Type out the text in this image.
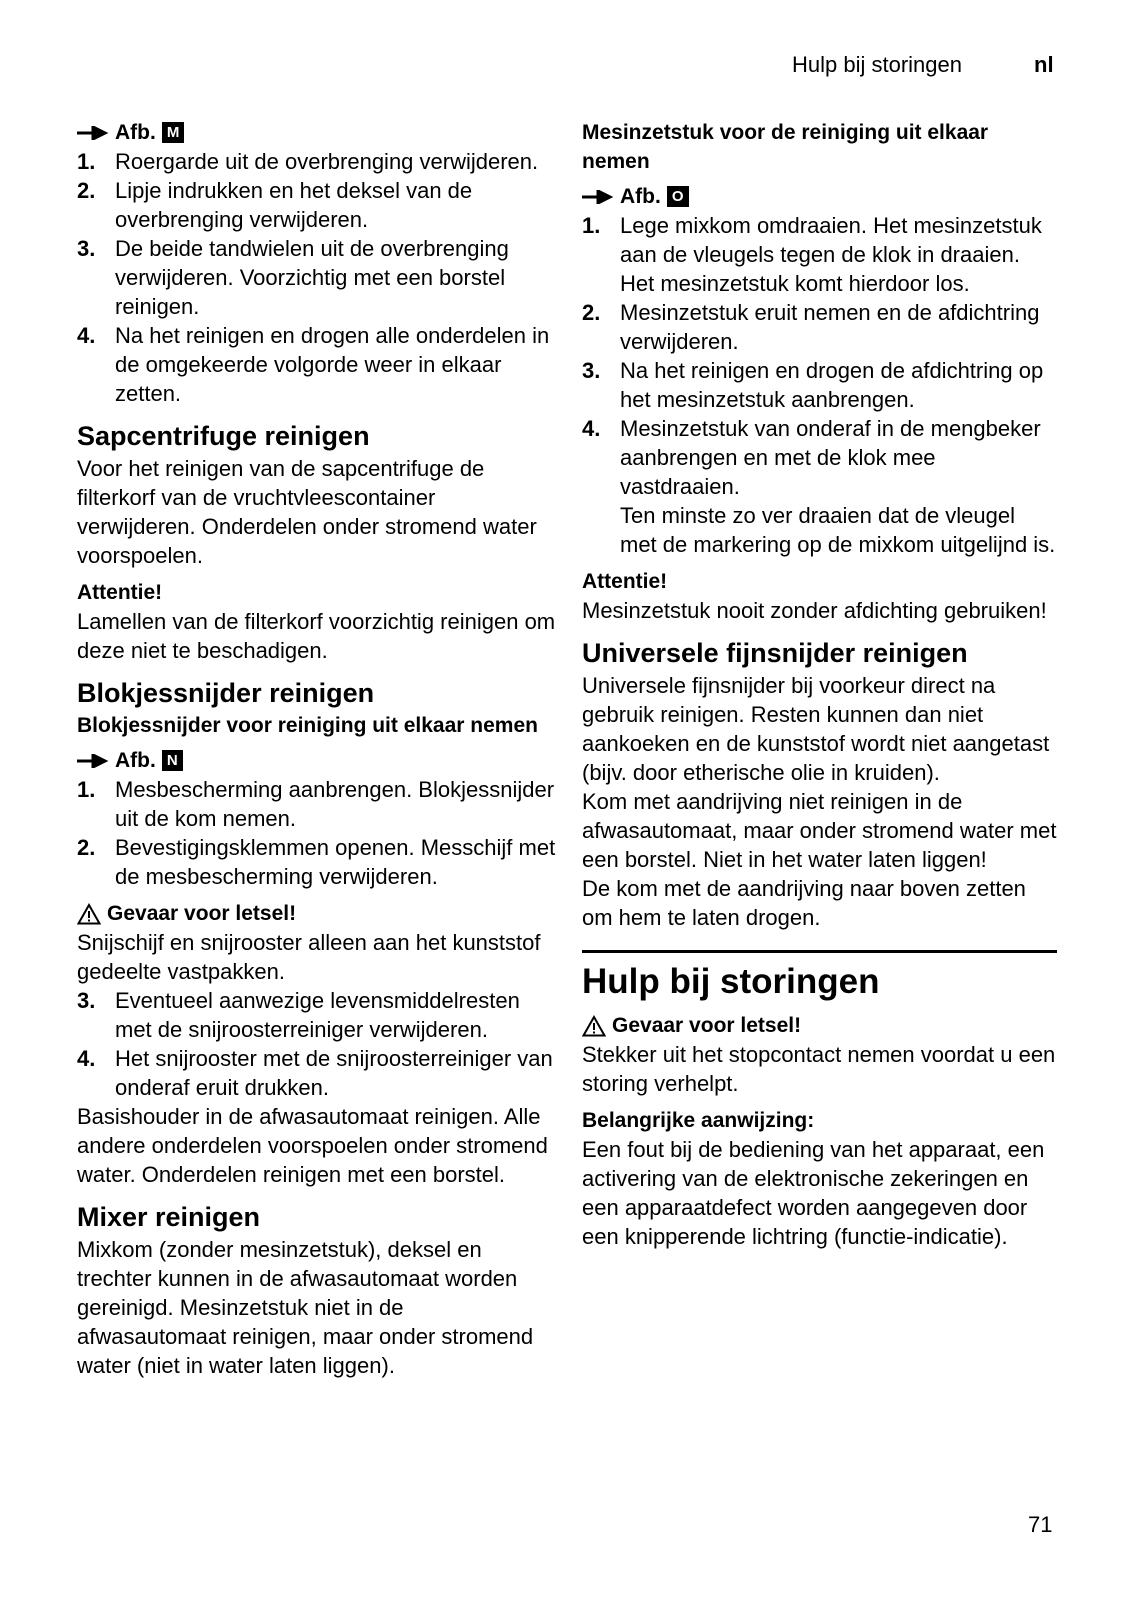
Hulp bij storingen	nl
Afb. M
1. Roergarde uit de overbrenging verwijderen.
2. Lipje indrukken en het deksel van de overbrenging verwijderen.
3. De beide tandwielen uit de overbrenging verwijderen. Voorzichtig met een borstel reinigen.
4. Na het reinigen en drogen alle onderdelen in de omgekeerde volgorde weer in elkaar zetten.
Sapcentrifuge reinigen

Voor het reinigen van de sapcentrifuge de filterkorf van de vruchtvleescontainer verwijderen. Onderdelen onder stromend water voorspoelen.

Attentie!

Lamellen van de filterkorf voorzichtig reinigen om deze niet te beschadigen.

Blokjessnijder reinigen

Blokjessnijder voor reiniging uit elkaar nemen

Afb. N
1. Mesbescherming aanbrengen. Blokjessnijder uit de kom nemen.
2. Bevestigingsklemmen openen. Messchijf met de mesbescherming verwijderen.
Gevaar voor letsel!

Snijschijf en snijrooster alleen aan het kunststof gedeelte vastpakken.

3. Eventueel aanwezige levensmiddelresten met de snijroosterreiniger verwijderen.
4. Het snijrooster met de snijroosterreiniger van onderaf eruit drukken.

Basishouder in de afwasautomaat reinigen. Alle andere onderdelen voorspoelen onder stromend water. Onderdelen reinigen met een borstel.

Mixer reinigen

Mixkom (zonder mesinzetstuk), deksel en trechter kunnen in de afwasautomaat worden gereinigd. Mesinzetstuk niet in de afwasautomaat reinigen, maar onder stromend water (niet in water laten liggen).

Mesinzetstuk voor de reiniging uit elkaar nemen

Afb. O
1. Lege mixkom omdraaien. Het mesinzetstuk aan de vleugels tegen de klok in draaien. Het mesinzetstuk komt hierdoor los.
2. Mesinzetstuk eruit nemen en de afdichtring verwijderen.
3. Na het reinigen en drogen de afdichtring op het mesinzetstuk aanbrengen.
4. Mesinzetstuk van onderaf in de mengbeker aanbrengen en met de klok mee vastdraaien.
Ten minste zo ver draaien dat de vleugel met de markering op de mixkom uitgelijnd is.

Attentie!

Mesinzetstuk nooit zonder afdichting gebruiken!

Universele fijnsnijder reinigen

Universele fijnsnijder bij voorkeur direct na gebruik reinigen. Resten kunnen dan niet aankoeken en de kunststof wordt niet aangetast (bijv. door etherische olie in kruiden).

Kom met aandrijving niet reinigen in de afwasautomaat, maar onder stromend water met een borstel. Niet in het water laten liggen!

De kom met de aandrijving naar boven zetten om hem te laten drogen.

Hulp bij storingen
Gevaar voor letsel!

Stekker uit het stopcontact nemen voordat u een storing verhelpt.

Belangrijke aanwijzing:

Een fout bij de bediening van het apparaat, een activering van de elektronische zekeringen en een apparaatdefect worden aangegeven door een knipperende lichtring (functie-indicatie).

71
